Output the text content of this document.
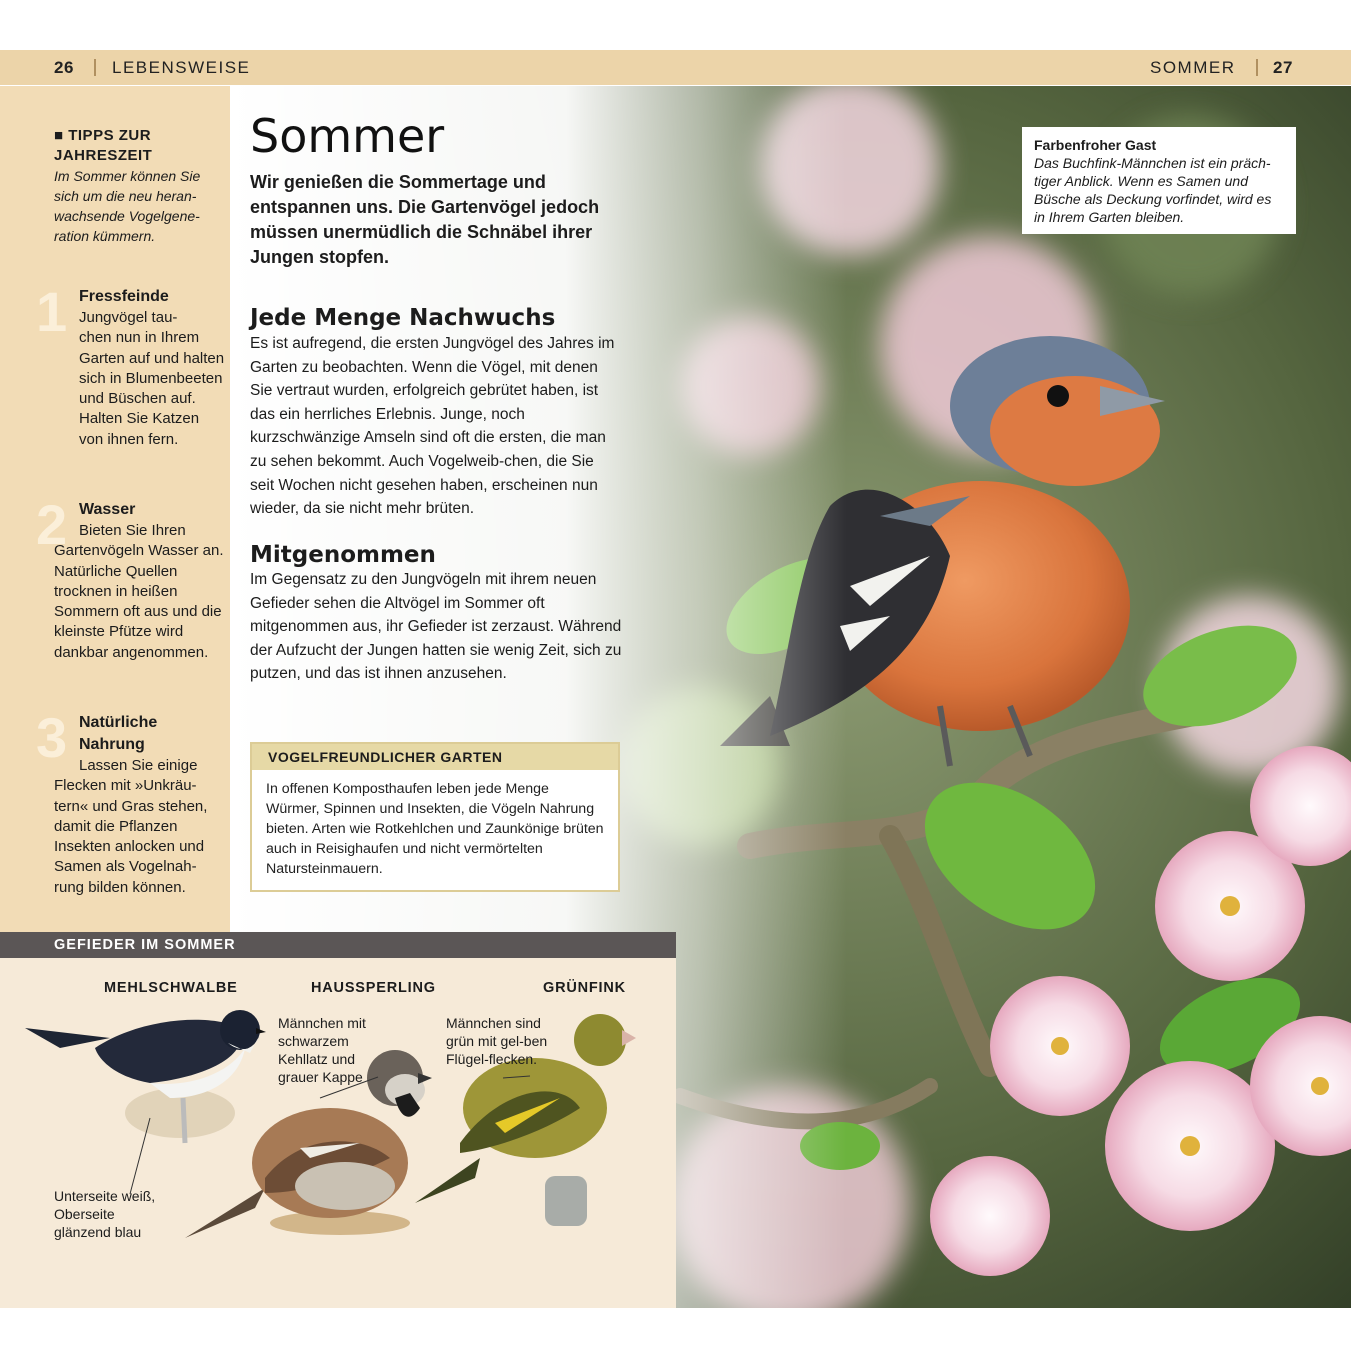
26 LEBENSWEISE	SOMMER 27
■ TIPPS ZUR JAHRESZEIT
Im Sommer können Sie sich um die neu heran-wachsende Vogelgene-ration kümmern.
1 Fressfeinde
Jungvögel tau-
chen nun in Ihrem Garten auf und halten sich in Blumenbeeten und Büschen auf. Halten Sie Katzen von ihnen fern.
2 Wasser
Bieten Sie Ihren
Gartenvögeln Wasser an. Natürliche Quellen trocknen in heißen Sommern oft aus und die kleinste Pfütze wird dankbar angenommen.
3 Natürliche Nahrung
Lassen Sie einige
Flecken mit »Unkräu-tern« und Gras stehen, damit die Pflanzen Insekten anlocken und Samen als Vogelnah-rung bilden können.
Sommer
Wir genießen die Sommertage und entspannen uns. Die Gartenvögel jedoch müssen unermüdlich die Schnäbel ihrer Jungen stopfen.
Jede Menge Nachwuchs
Es ist aufregend, die ersten Jungvögel des Jahres im Garten zu beobachten. Wenn die Vögel, mit denen Sie vertraut wurden, erfolgreich gebrütet haben, ist das ein herrliches Erlebnis. Junge, noch kurzschwänzige Amseln sind oft die ersten, die man zu sehen bekommt. Auch Vogelweib-chen, die Sie seit Wochen nicht gesehen haben, erscheinen nun wieder, da sie nicht mehr brüten.
Mitgenommen
Im Gegensatz zu den Jungvögeln mit ihrem neuen Gefieder sehen die Altvögel im Sommer oft mitgenommen aus, ihr Gefieder ist zerzaust. Während der Aufzucht der Jungen hatten sie wenig Zeit, sich zu putzen, und das ist ihnen anzusehen.
VOGELFREUNDLICHER GARTEN
In offenen Komposthaufen leben jede Menge Würmer, Spinnen und Insekten, die Vögeln Nahrung bieten. Arten wie Rotkehlchen und Zaunkönige brüten auch in Reisighaufen und nicht vermörtelten Natursteinmauern.
Farbenfroher Gast
Das Buchfink-Männchen ist ein präch-tiger Anblick. Wenn es Samen und Büsche als Deckung vorfindet, wird es in Ihrem Garten bleiben.
GEFIEDER IM SOMMER
MEHLSCHWALBE	HAUSSPERLING	GRÜNFINK
Unterseite weiß, Oberseite glänzend blau
Männchen mit schwarzem Kehllatz und grauer Kappe
Männchen sind grün mit gel-ben Flügel-flecken.
